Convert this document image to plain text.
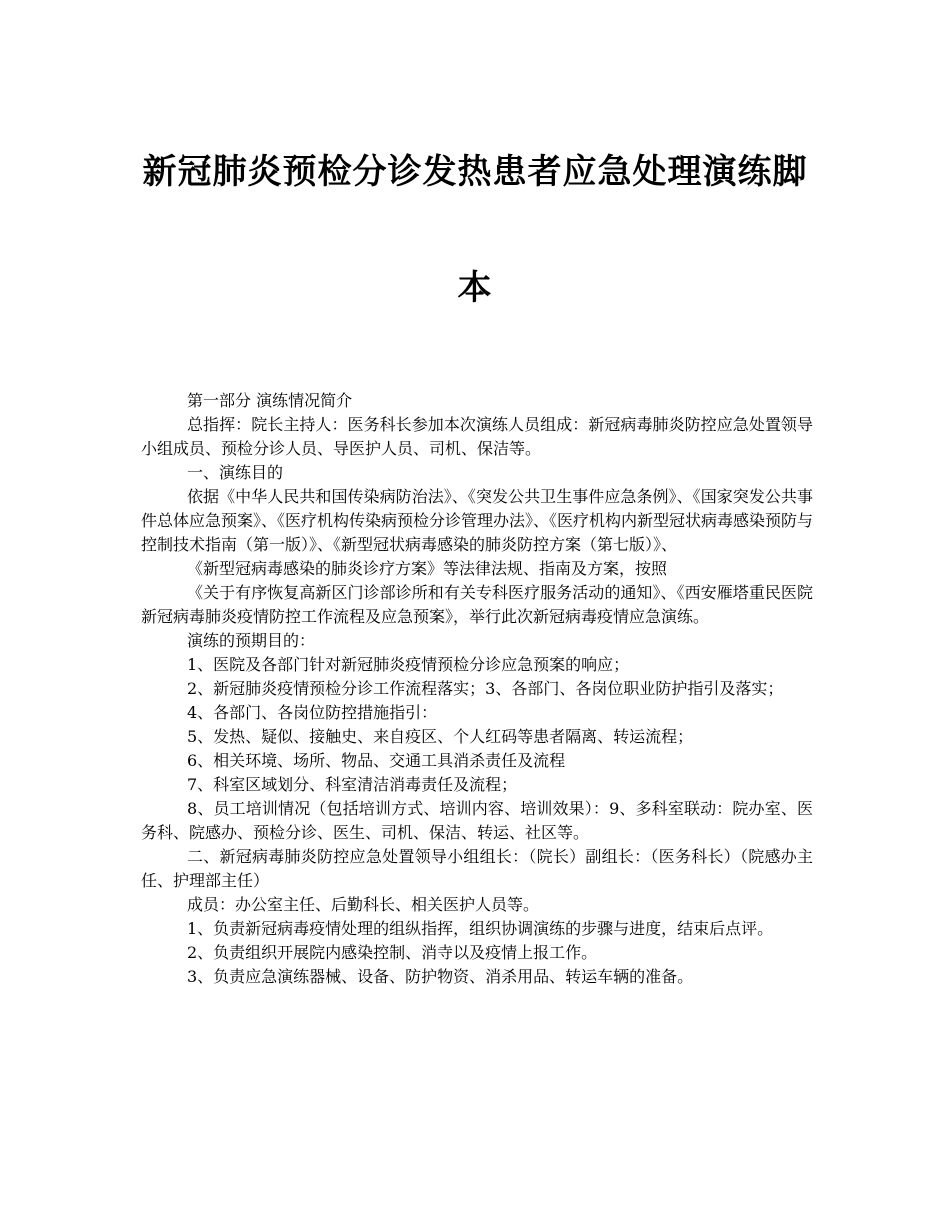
新冠肺炎预检分诊发热患者应急处理演练脚
本

第一部分 演练情况简介

总指挥：院长主持人：医务科长参加本次演练人员组成：新冠病毒肺炎防控应急处置领导小组成员、预检分诊人员、导医护人员、司机、保洁等。

一、演练目的

依据《中华人民共和国传染病防治法》、《突发公共卫生事件应急条例》、《国家突发公共事件总体应急预案》、《医疗机构传染病预检分诊管理办法》、《医疗机构内新型冠状病毒感染预防与控制技术指南（第一版）》、《新型冠状病毒感染的肺炎防控方案（第七版）》、

《新型冠病毒感染的肺炎诊疗方案》等法律法规、指南及方案，按照

《关于有序恢复高新区门诊部诊所和有关专科医疗服务活动的通知》、《西安雁塔重民医院新冠病毒肺炎疫情防控工作流程及应急预案》，举行此次新冠病毒疫情应急演练。

演练的预期目的：

1、医院及各部门针对新冠肺炎疫情预检分诊应急预案的响应；

2、新冠肺炎疫情预检分诊工作流程落实；3、各部门、各岗位职业防护指引及落实；

4、各部门、各岗位防控措施指引：

5、发热、疑似、接触史、来自疫区、个人红码等患者隔离、转运流程；

6、相关环境、场所、物品、交通工具消杀责任及流程

7、科室区域划分、科室清洁消毒责任及流程；

8、员工培训情况（包括培训方式、培训内容、培训效果）：9、多科室联动：院办室、医务科、院感办、预检分诊、医生、司机、保洁、转运、社区等。

二、新冠病毒肺炎防控应急处置领导小组组长：（院长）副组长：（医务科长）（院感办主任、护理部主任）

成员：办公室主任、后勤科长、相关医护人员等。

1、负责新冠病毒疫情处理的组纵指挥，组织协调演练的步骤与进度，结束后点评。

2、负责组织开展院内感染控制、消寺以及疫情上报工作。

3、负责应急演练器械、设备、防护物资、消杀用品、转运车辆的准备。
